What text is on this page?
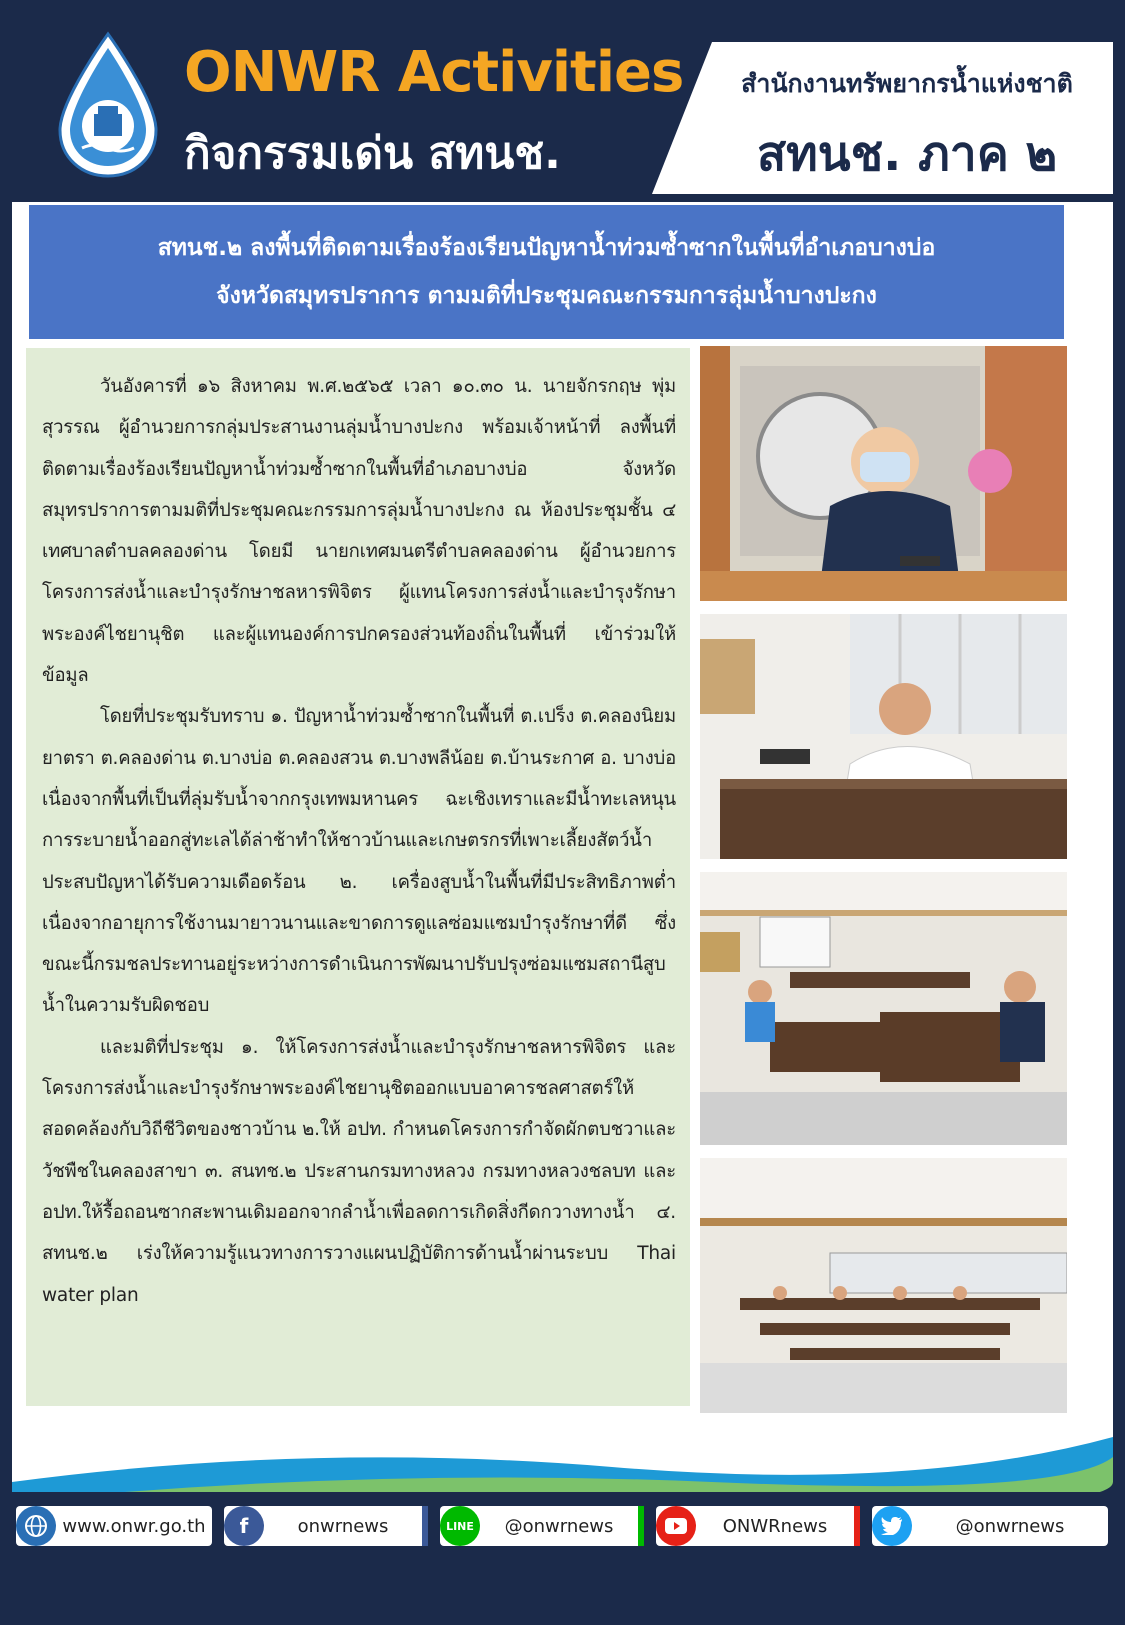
ONWR Activities
กิจกรรมเด่น สทนช.
สำนักงานทรัพยากรน้ำแห่งชาติ
สทนช. ภาค ๒
สทนช.๒ ลงพื้นที่ติดตามเรื่องร้องเรียนปัญหาน้ำท่วมซ้ำซากในพื้นที่อำเภอบางบ่อ
จังหวัดสมุทรปราการ ตามมติที่ประชุมคณะกรรมการลุ่มน้ำบางปะกง

วันอังคารที่ ๑๖ สิงหาคม พ.ศ.๒๕๖๕ เวลา ๑๐.๓๐ น. นายจักรกฤษ พุ่มสุวรรณ ผู้อำนวยการกลุ่มประสานงานลุ่มน้ำบางปะกง พร้อมเจ้าหน้าที่ ลงพื้นที่ติดตามเรื่องร้องเรียนปัญหาน้ำท่วมซ้ำซากในพื้นที่อำเภอบางบ่อ จังหวัดสมุทรปราการตามมติที่ประชุมคณะกรรมการลุ่มน้ำบางปะกง ณ ห้องประชุมชั้น ๔ เทศบาลตำบลคลองด่าน โดยมี นายกเทศมนตรีตำบลคลองด่าน ผู้อำนวยการโครงการส่งน้ำและบำรุงรักษาชลหารพิจิตร ผู้แทนโครงการส่งน้ำและบำรุงรักษาพระองค์ไชยานุชิต และผู้แทนองค์การปกครองส่วนท้องถิ่นในพื้นที่ เข้าร่วมให้ข้อมูล

โดยที่ประชุมรับทราบ ๑. ปัญหาน้ำท่วมซ้ำซากในพื้นที่ ต.เปร็ง ต.คลองนิยมยาตรา ต.คลองด่าน ต.บางบ่อ ต.คลองสวน ต.บางพลีน้อย ต.บ้านระกาศ อ. บางบ่อ เนื่องจากพื้นที่เป็นที่ลุ่มรับน้ำจากกรุงเทพมหานคร ฉะเชิงเทราและมีน้ำทะเลหนุนการระบายน้ำออกสู่ทะเลได้ล่าช้าทำให้ชาวบ้านและเกษตรกรที่เพาะเลี้ยงสัตว์น้ำประสบปัญหาได้รับความเดือดร้อน ๒. เครื่องสูบน้ำในพื้นที่มีประสิทธิภาพต่ำ เนื่องจากอายุการใช้งานมายาวนานและขาดการดูแลซ่อมแซมบำรุงรักษาที่ดี ซึ่งขณะนี้กรมชลประทานอยู่ระหว่างการดำเนินการพัฒนาปรับปรุงซ่อมแซมสถานีสูบน้ำในความรับผิดชอบ

และมติที่ประชุม ๑. ให้โครงการส่งน้ำและบำรุงรักษาชลหารพิจิตร และโครงการส่งน้ำและบำรุงรักษาพระองค์ไชยานุชิตออกแบบอาคารชลศาสตร์ให้สอดคล้องกับวิถีชีวิตของชาวบ้าน ๒.ให้ อปท. กำหนดโครงการกำจัดผักตบชวาและวัชพืชในคลองสาขา ๓. สนทช.๒ ประสานกรมทางหลวง กรมทางหลวงชลบท และ อปท.ให้รื้อถอนซากสะพานเดิมออกจากลำน้ำเพื่อลดการเกิดสิ่งกีดกวางทางน้ำ ๔. สทนช.๒ เร่งให้ความรู้แนวทางการวางแผนปฏิบัติการด้านน้ำผ่านระบบ Thai water plan

www.onwr.go.th	f	onwrnews	LINE	@onwrnews	ONWRnews	@onwrnews
